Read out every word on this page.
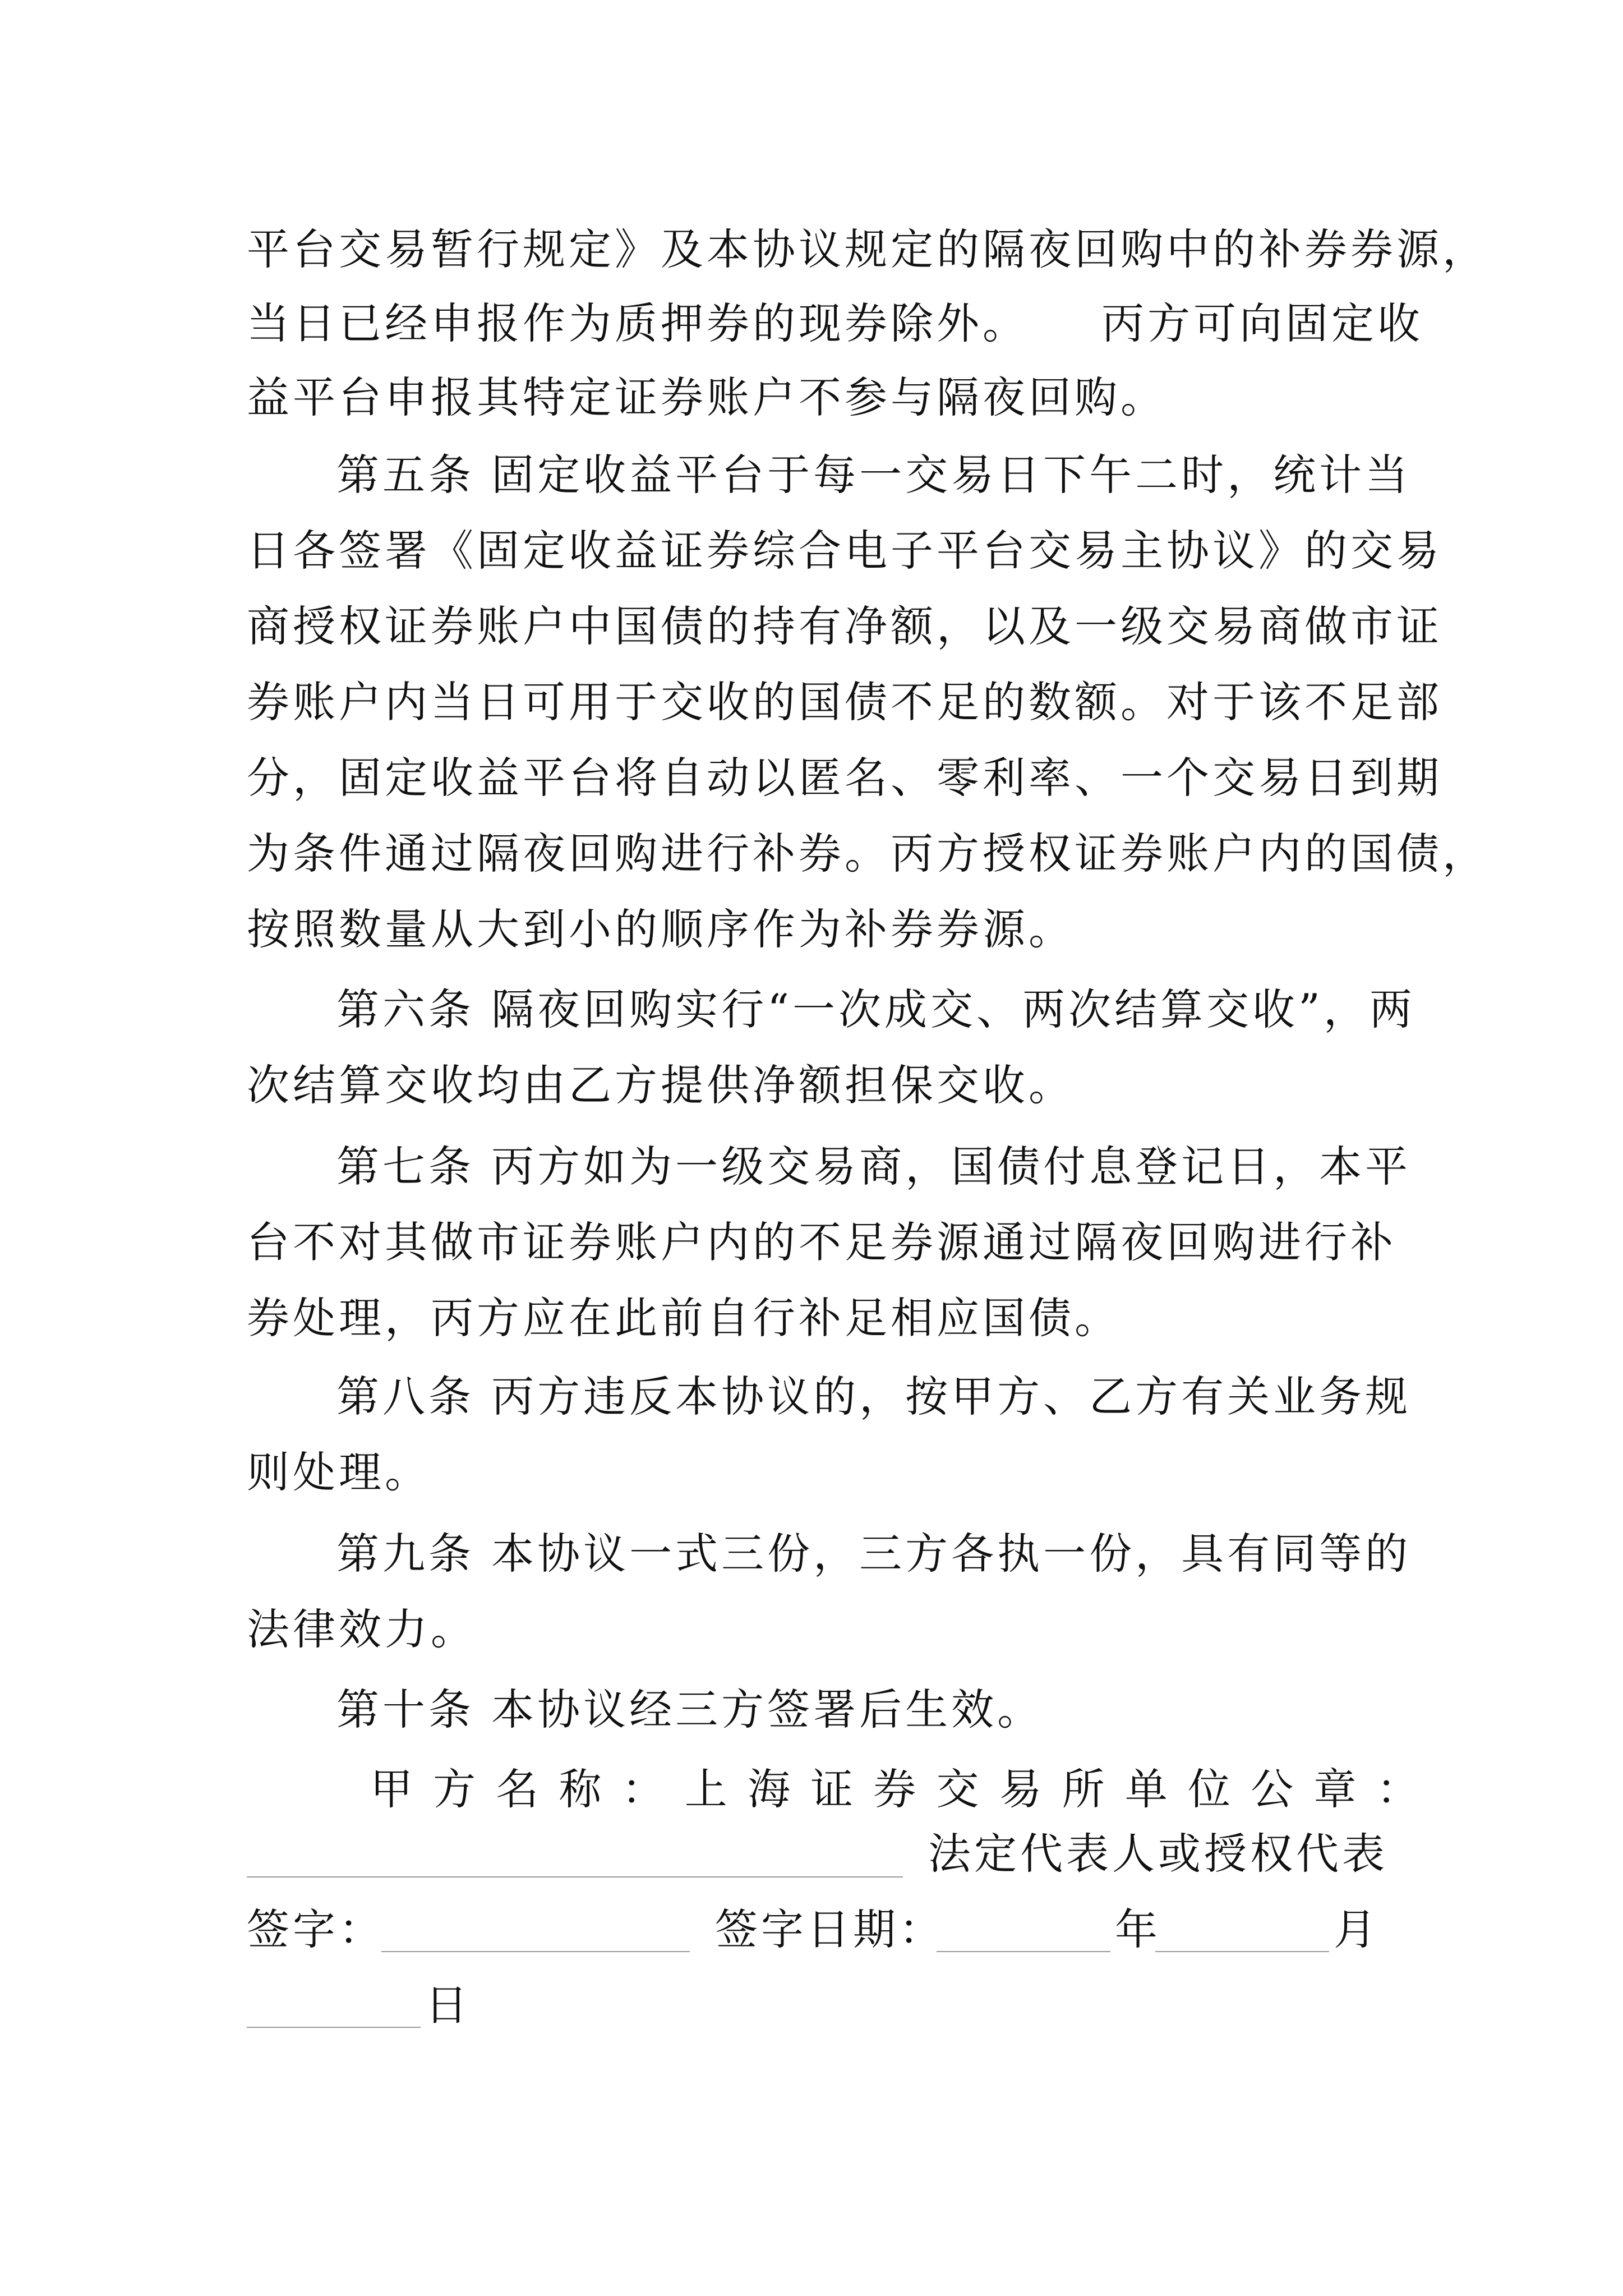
平台交易暂行规定》及本协议规定的隔夜回购中的补券券源，
当日已经申报作为质押券的现券除外。 丙方可向固定收
益平台申报其特定证券账户不参与隔夜回购。
第五条 固定收益平台于每一交易日下午二时，统计当
日各签署《固定收益证券综合电子平台交易主协议》的交易
商授权证券账户中国债的持有净额，以及一级交易商做市证
券账户内当日可用于交收的国债不足的数额。对于该不足部
分，固定收益平台将自动以匿名、零利率、一个交易日到期
为条件通过隔夜回购进行补券。丙方授权证券账户内的国债，
按照数量从大到小的顺序作为补券券源。
第六条 隔夜回购实行“一次成交、两次结算交收”，两
次结算交收均由乙方提供净额担保交收。
第七条 丙方如为一级交易商，国债付息登记日，本平
台不对其做市证券账户内的不足券源通过隔夜回购进行补
券处理，丙方应在此前自行补足相应国债。
第八条 丙方违反本协议的，按甲方、乙方有关业务规
则处理。
第九条 本协议一式三份，三方各执一份，具有同等的
法律效力。
第十条 本协议经三方签署后生效。
甲 方 名 称 ： 上 海 证 券 交 易 所 单 位 公 章 ：
法定代表人或授权代表
签字：	签字日期：	年	月
日
